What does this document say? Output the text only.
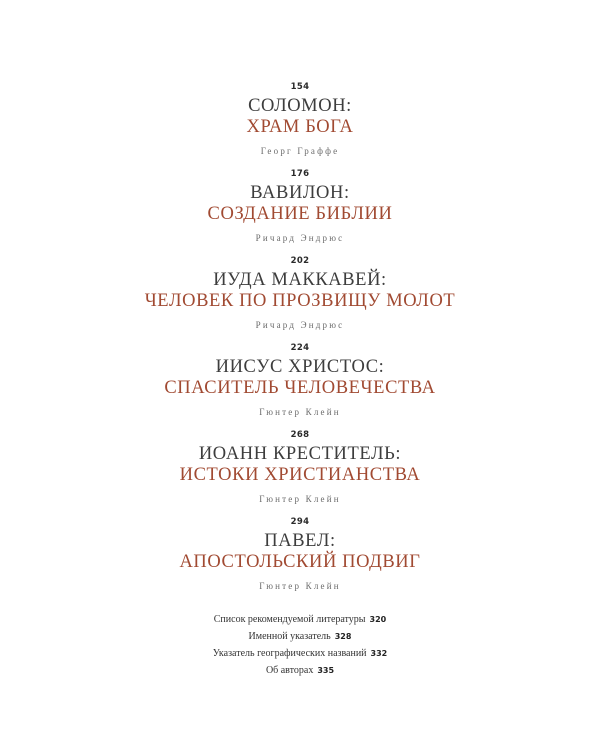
154
СОЛОМОН:
ХРАМ БОГА
Георг Граффе
176
ВАВИЛОН:
СОЗДАНИЕ БИБЛИИ
Ричард Эндрюс
202
ИУДА МАККАВЕЙ:
ЧЕЛОВЕК ПО ПРОЗВИЩУ МОЛОТ
Ричард Эндрюс
224
ИИСУС ХРИСТОС:
СПАСИТЕЛЬ ЧЕЛОВЕЧЕСТВА
Гюнтер Клейн
268
ИОАНН КРЕСТИТЕЛЬ:
ИСТОКИ ХРИСТИАНСТВА
Гюнтер Клейн
294
ПАВЕЛ:
АПОСТОЛЬСКИЙ ПОДВИГ
Гюнтер Клейн
Список рекомендуемой литературы 320
Именной указатель 328
Указатель географических названий 332
Об авторах 335
